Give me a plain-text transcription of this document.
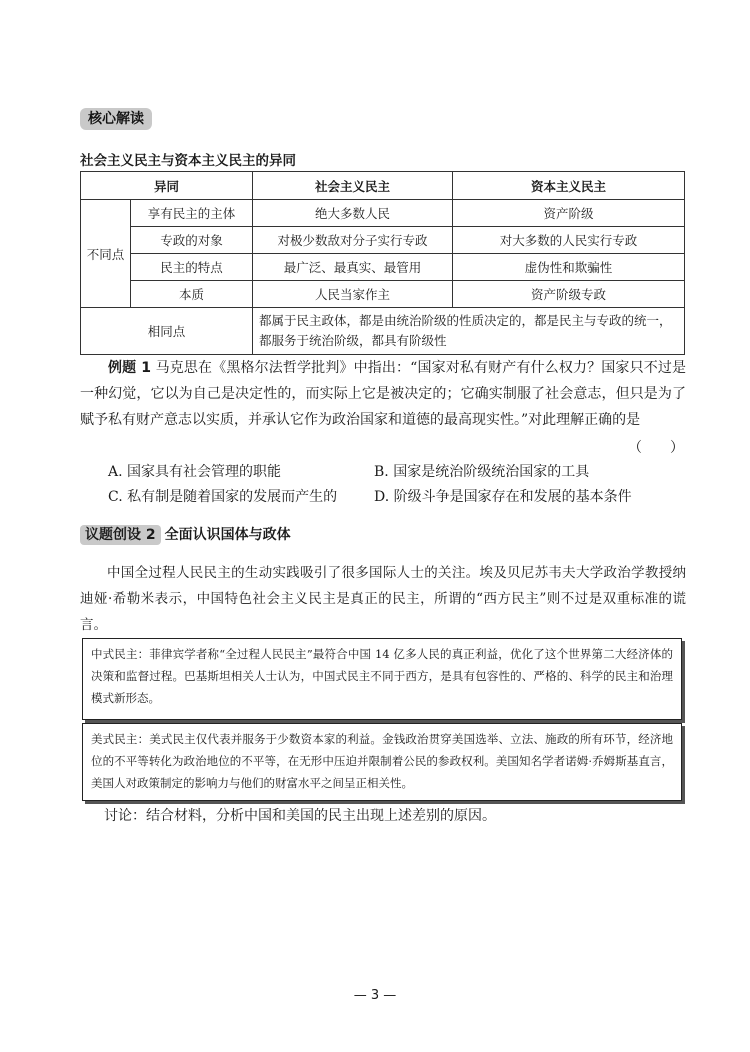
核心解读
社会主义民主与资本主义民主的异同
异同		社会主义民主	资本主义民主
不同点	享有民主的主体	绝大多数人民	资产阶级
	专政的对象	对极少数敌对分子实行专政	对大多数的人民实行专政
	民主的特点	最广泛、最真实、最管用	虚伪性和欺骗性
	本质	人民当家作主	资产阶级专政
相同点		都属于民主政体，都是由统治阶级的性质决定的，都是民主与专政的统一，都服务于统治阶级，都具有阶级性	
例题 1 马克思在《黑格尔法哲学批判》中指出：“国家对私有财产有什么权力？国家只不过是一种幻觉，它以为自己是决定性的，而实际上它是被决定的；它确实制服了社会意志，但只是为了赋予私有财产意志以实质，并承认它作为政治国家和道德的最高现实性。”对此理解正确的是
（　　）
A. 国家具有社会管理的职能	B. 国家是统治阶级统治国家的工具
C. 私有制是随着国家的发展而产生的	D. 阶级斗争是国家存在和发展的基本条件
议题创设 2 全面认识国体与政体
中国全过程人民民主的生动实践吸引了很多国际人士的关注。埃及贝尼苏韦夫大学政治学教授纳迪娅·希勒米表示，中国特色社会主义民主是真正的民主，所谓的“西方民主”则不过是双重标准的谎言。
中式民主：菲律宾学者称“全过程人民民主”最符合中国 14 亿多人民的真正利益，优化了这个世界第二大经济体的决策和监督过程。巴基斯坦相关人士认为，中国式民主不同于西方，是具有包容性的、严格的、科学的民主和治理模式新形态。
美式民主：美式民主仅代表并服务于少数资本家的利益。金钱政治贯穿美国选举、立法、施政的所有环节，经济地位的不平等转化为政治地位的不平等，在无形中压迫并限制着公民的参政权利。美国知名学者诺姆·乔姆斯基直言，美国人对政策制定的影响力与他们的财富水平之间呈正相关性。
讨论：结合材料，分析中国和美国的民主出现上述差别的原因。
— 3 —
